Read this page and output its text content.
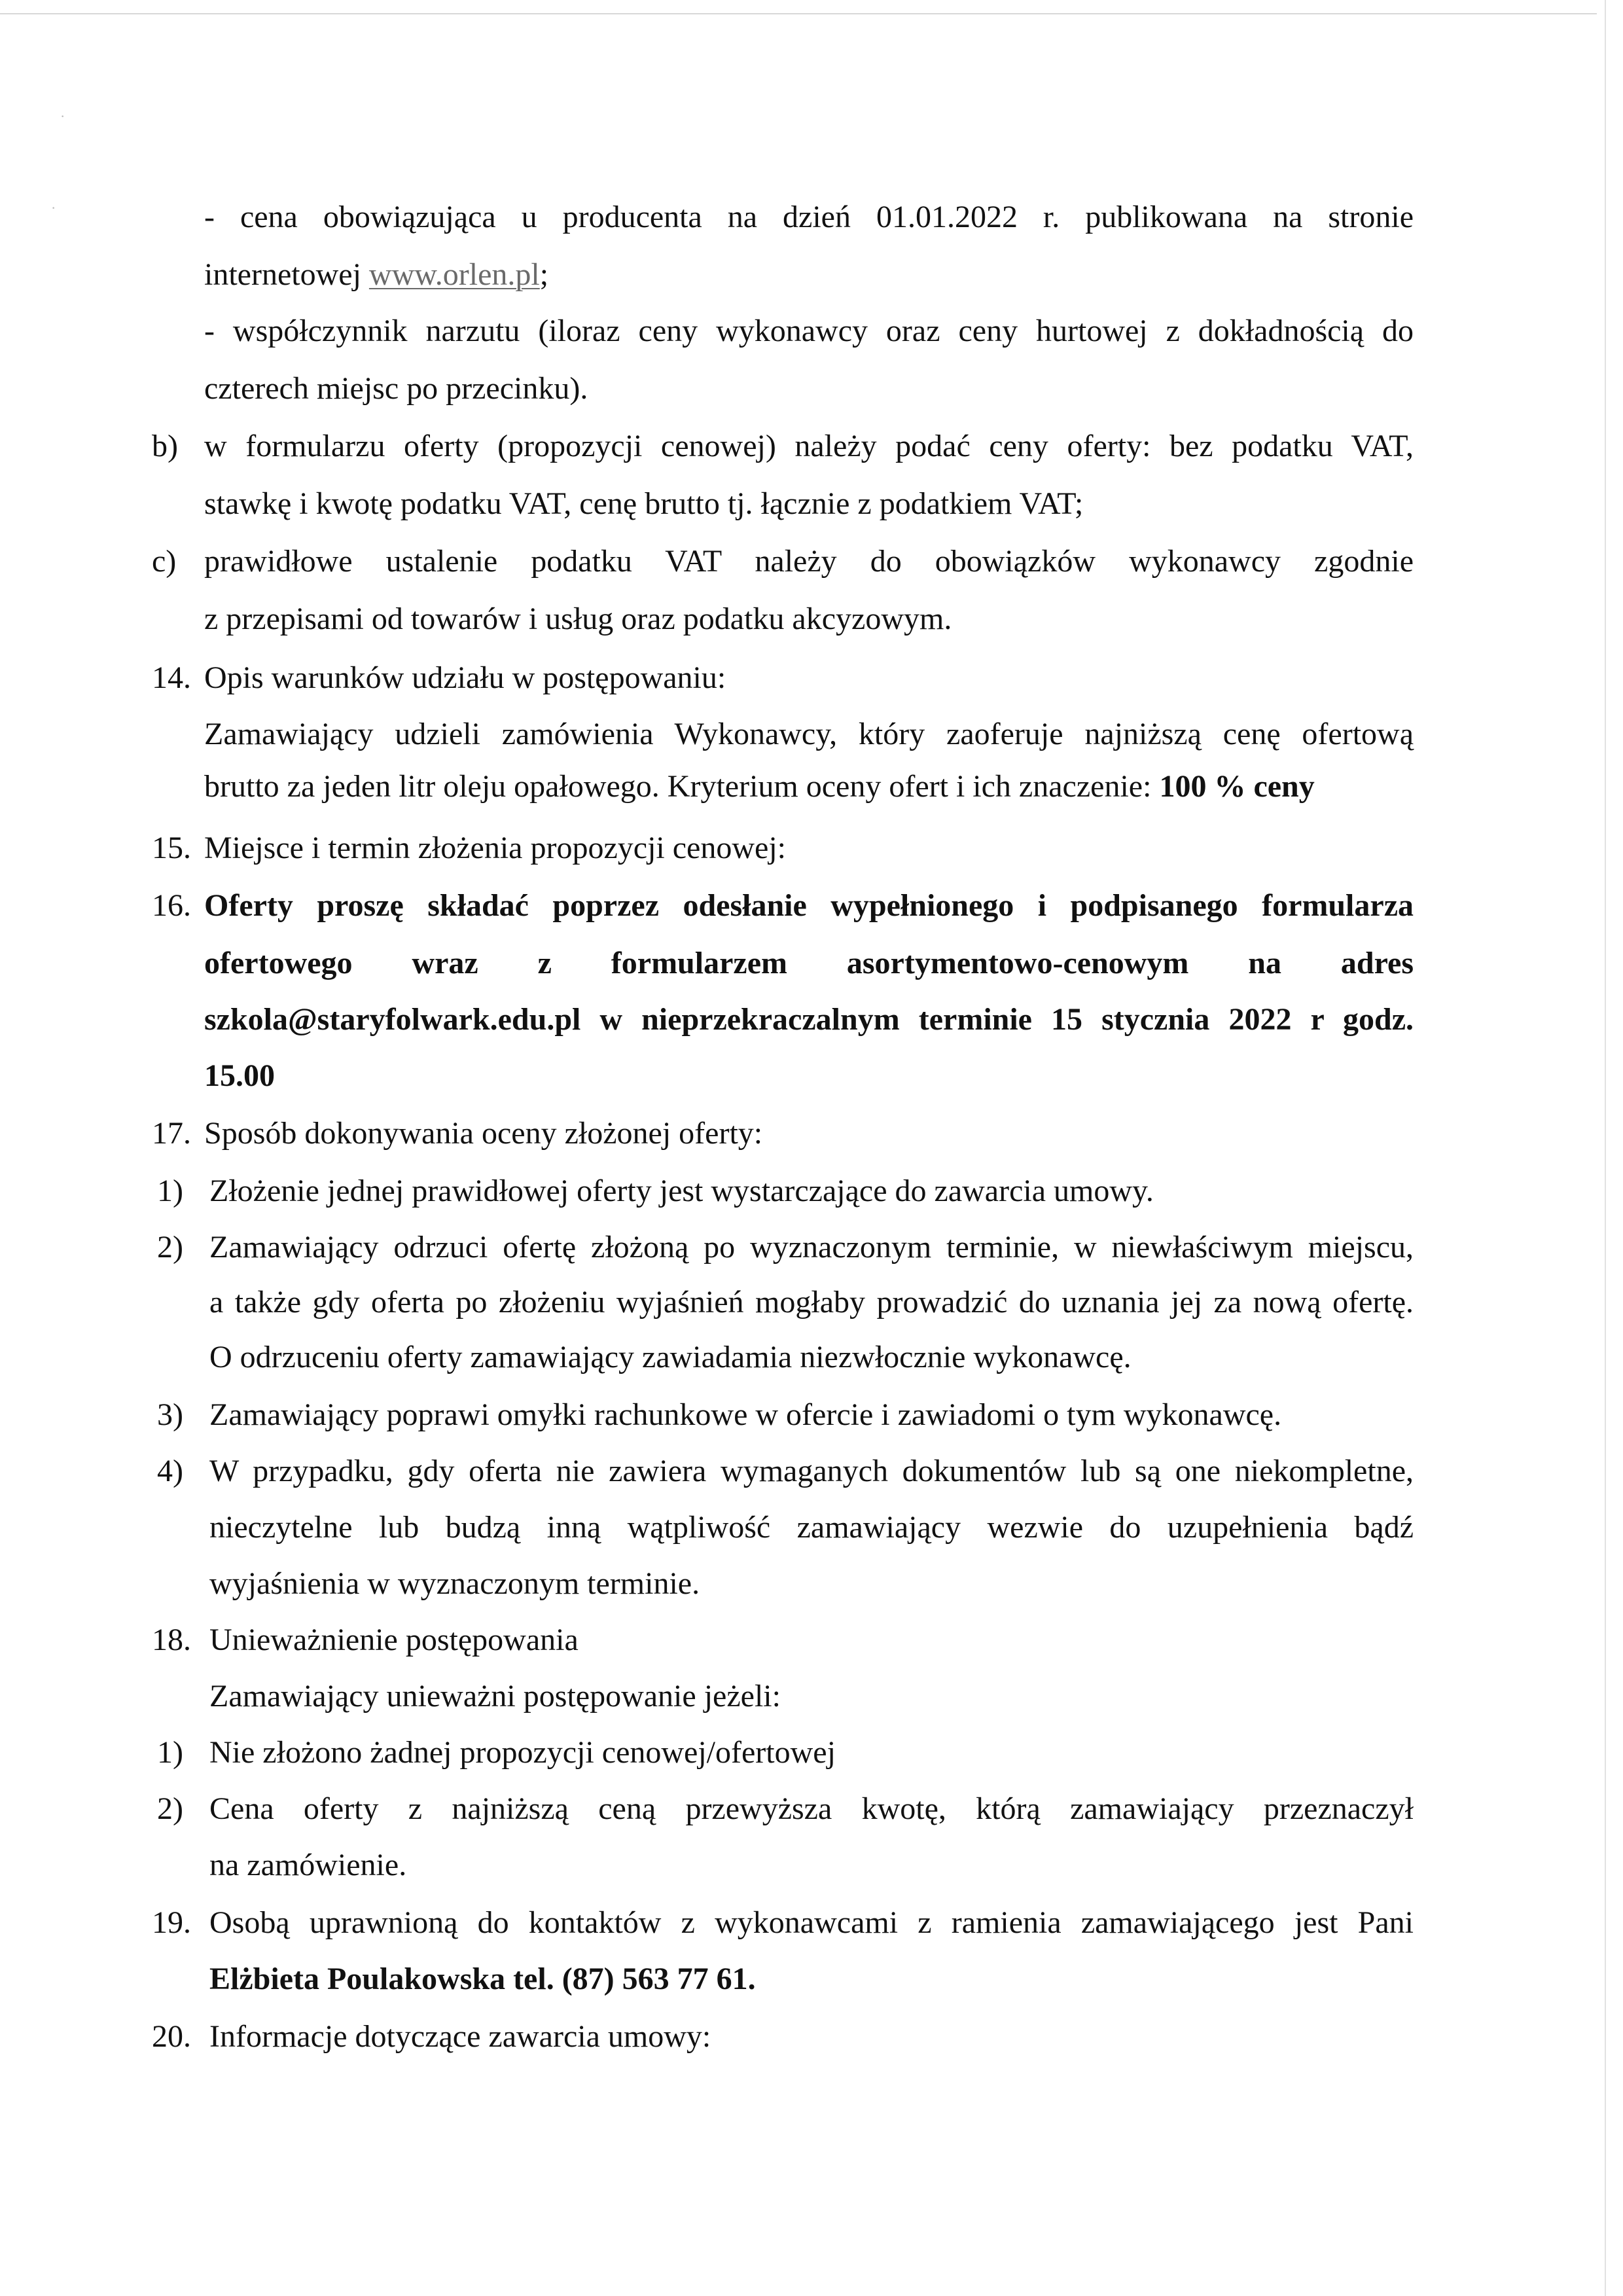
·
·	- cena obowiązująca u producenta na dzień 01.01.2022 r. publikowana na stronie
internetowej www.orlen.pl;
- współczynnik narzutu (iloraz ceny wykonawcy oraz ceny hurtowej z dokładnością do
czterech miejsc po przecinku).
b) w formularzu oferty (propozycji cenowej) należy podać ceny oferty: bez podatku VAT,
stawkę i kwotę podatku VAT, cenę brutto tj. łącznie z podatkiem VAT;
c) prawidłowe ustalenie podatku VAT należy do obowiązków wykonawcy zgodnie
z przepisami od towarów i usług oraz podatku akcyzowym.
14. Opis warunków udziału w postępowaniu:
Zamawiający udzieli zamówienia Wykonawcy, który zaoferuje najniższą cenę ofertową
brutto za jeden litr oleju opałowego. Kryterium oceny ofert i ich znaczenie: 100 % ceny
15. Miejsce i termin złożenia propozycji cenowej:
16. Oferty proszę składać poprzez odesłanie wypełnionego i podpisanego formularza
ofertowego wraz z formularzem asortymentowo-cenowym na adres
szkola@staryfolwark.edu.pl w nieprzekraczalnym terminie 15 stycznia 2022 r godz.
15.00
17. Sposób dokonywania oceny złożonej oferty:
1) Złożenie jednej prawidłowej oferty jest wystarczające do zawarcia umowy.
2) Zamawiający odrzuci ofertę złożoną po wyznaczonym terminie, w niewłaściwym miejscu,
a także gdy oferta po złożeniu wyjaśnień mogłaby prowadzić do uznania jej za nową ofertę.
O odrzuceniu oferty zamawiający zawiadamia niezwłocznie wykonawcę.
3) Zamawiający poprawi omyłki rachunkowe w ofercie i zawiadomi o tym wykonawcę.
4) W przypadku, gdy oferta nie zawiera wymaganych dokumentów lub są one niekompletne,
nieczytelne lub budzą inną wątpliwość zamawiający wezwie do uzupełnienia bądź
wyjaśnienia w wyznaczonym terminie.
18. Unieważnienie postępowania
Zamawiający unieważni postępowanie jeżeli:
1) Nie złożono żadnej propozycji cenowej/ofertowej
2) Cena oferty z najniższą ceną przewyższa kwotę, którą zamawiający przeznaczył
na zamówienie.
19. Osobą uprawnioną do kontaktów z wykonawcami z ramienia zamawiającego jest Pani
Elżbieta Poulakowska tel. (87) 563 77 61.
20. Informacje dotyczące zawarcia umowy:
